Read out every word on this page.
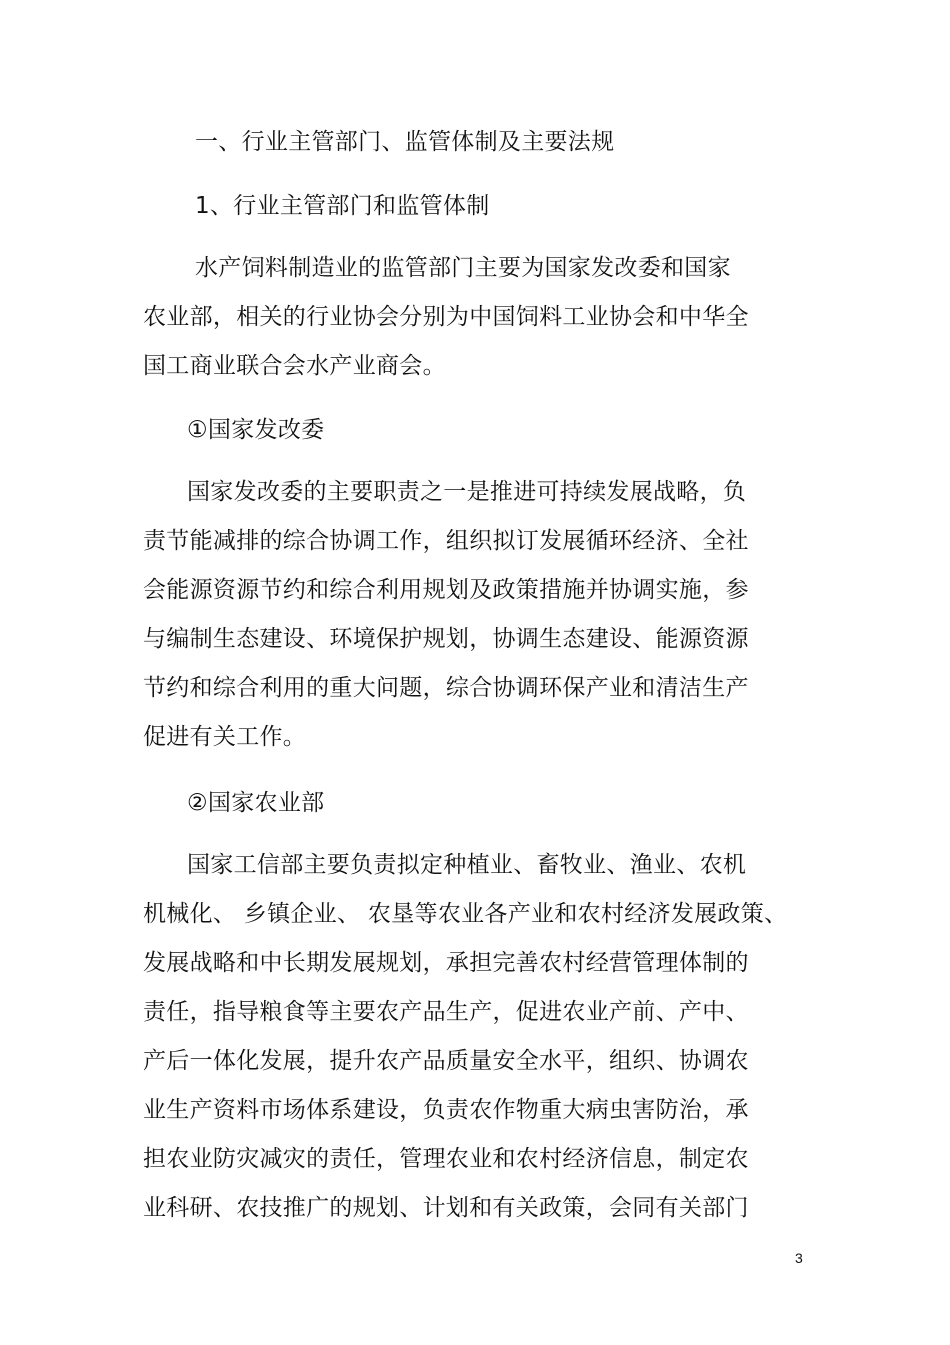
一、行业主管部门、监管体制及主要法规
1、行业主管部门和监管体制
水产饲料制造业的监管部门主要为国家发改委和国家
农业部，相关的行业协会分别为中国饲料工业协会和中华全
国工商业联合会水产业商会。
①国家发改委
国家发改委的主要职责之一是推进可持续发展战略，负
责节能减排的综合协调工作，组织拟订发展循环经济、全社
会能源资源节约和综合利用规划及政策措施并协调实施，参
与编制生态建设、环境保护规划，协调生态建设、能源资源
节约和综合利用的重大问题，综合协调环保产业和清洁生产
促进有关工作。
②国家农业部
国家工信部主要负责拟定种植业、畜牧业、渔业、农机
机械化、 乡镇企业、 农垦等农业各产业和农村经济发展政策、
发展战略和中长期发展规划，承担完善农村经营管理体制的
责任，指导粮食等主要农产品生产，促进农业产前、产中、
产后一体化发展，提升农产品质量安全水平，组织、协调农
业生产资料市场体系建设，负责农作物重大病虫害防治，承
担农业防灾减灾的责任，管理农业和农村经济信息，制定农
业科研、农技推广的规划、计划和有关政策，会同有关部门
3
